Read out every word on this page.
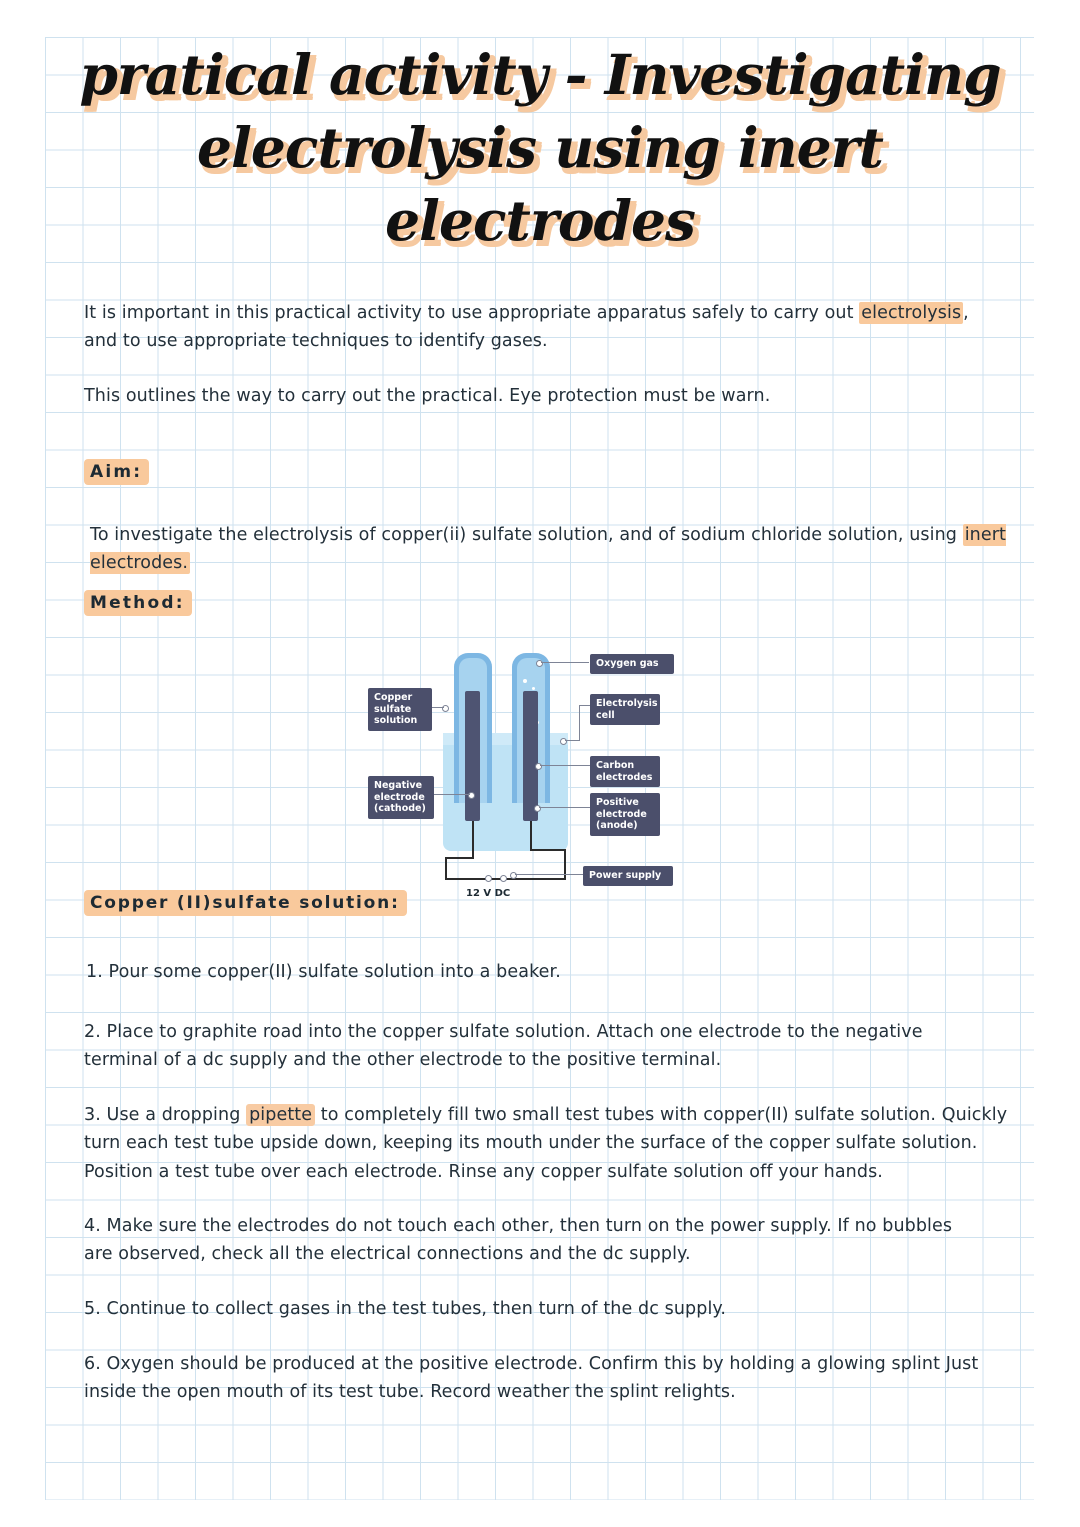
pratical activity - Investigating electrolysis using inert electrodes
It is important in this practical activity to use appropriate apparatus safely to carry out electrolysis , and to use appropriate techniques to identify gases.
This outlines the way to carry out the practical. Eye protection must be warn.
Aim:
To investigate the electrolysis of copper(ii) sulfate solution, and of sodium chloride solution, using inert electrodes.
Method:
12 V DC
Oxygen gas
Electrolysis cell
Carbon electrodes
Positive electrode (anode)
Power supply
Copper sulfate solution
Negative electrode (cathode)
Copper (II)sulfate solution:
1. Pour some copper(II) sulfate solution into a beaker.
2. Place to graphite road into the copper sulfate solution. Attach one electrode to the negative terminal of a dc supply and the other electrode to the positive terminal.
3. Use a dropping pipette to completely fill two small test tubes with copper(II) sulfate solution. Quickly turn each test tube upside down, keeping its mouth under the surface of the copper sulfate solution. Position a test tube over each electrode. Rinse any copper sulfate solution off your hands.
4. Make sure the electrodes do not touch each other, then turn on the power supply. If no bubbles are observed, check all the electrical connections and the dc supply.
5. Continue to collect gases in the test tubes, then turn of the dc supply.
6. Oxygen should be produced at the positive electrode. Confirm this by holding a glowing splint Just inside the open mouth of its test tube. Record weather the splint relights.
